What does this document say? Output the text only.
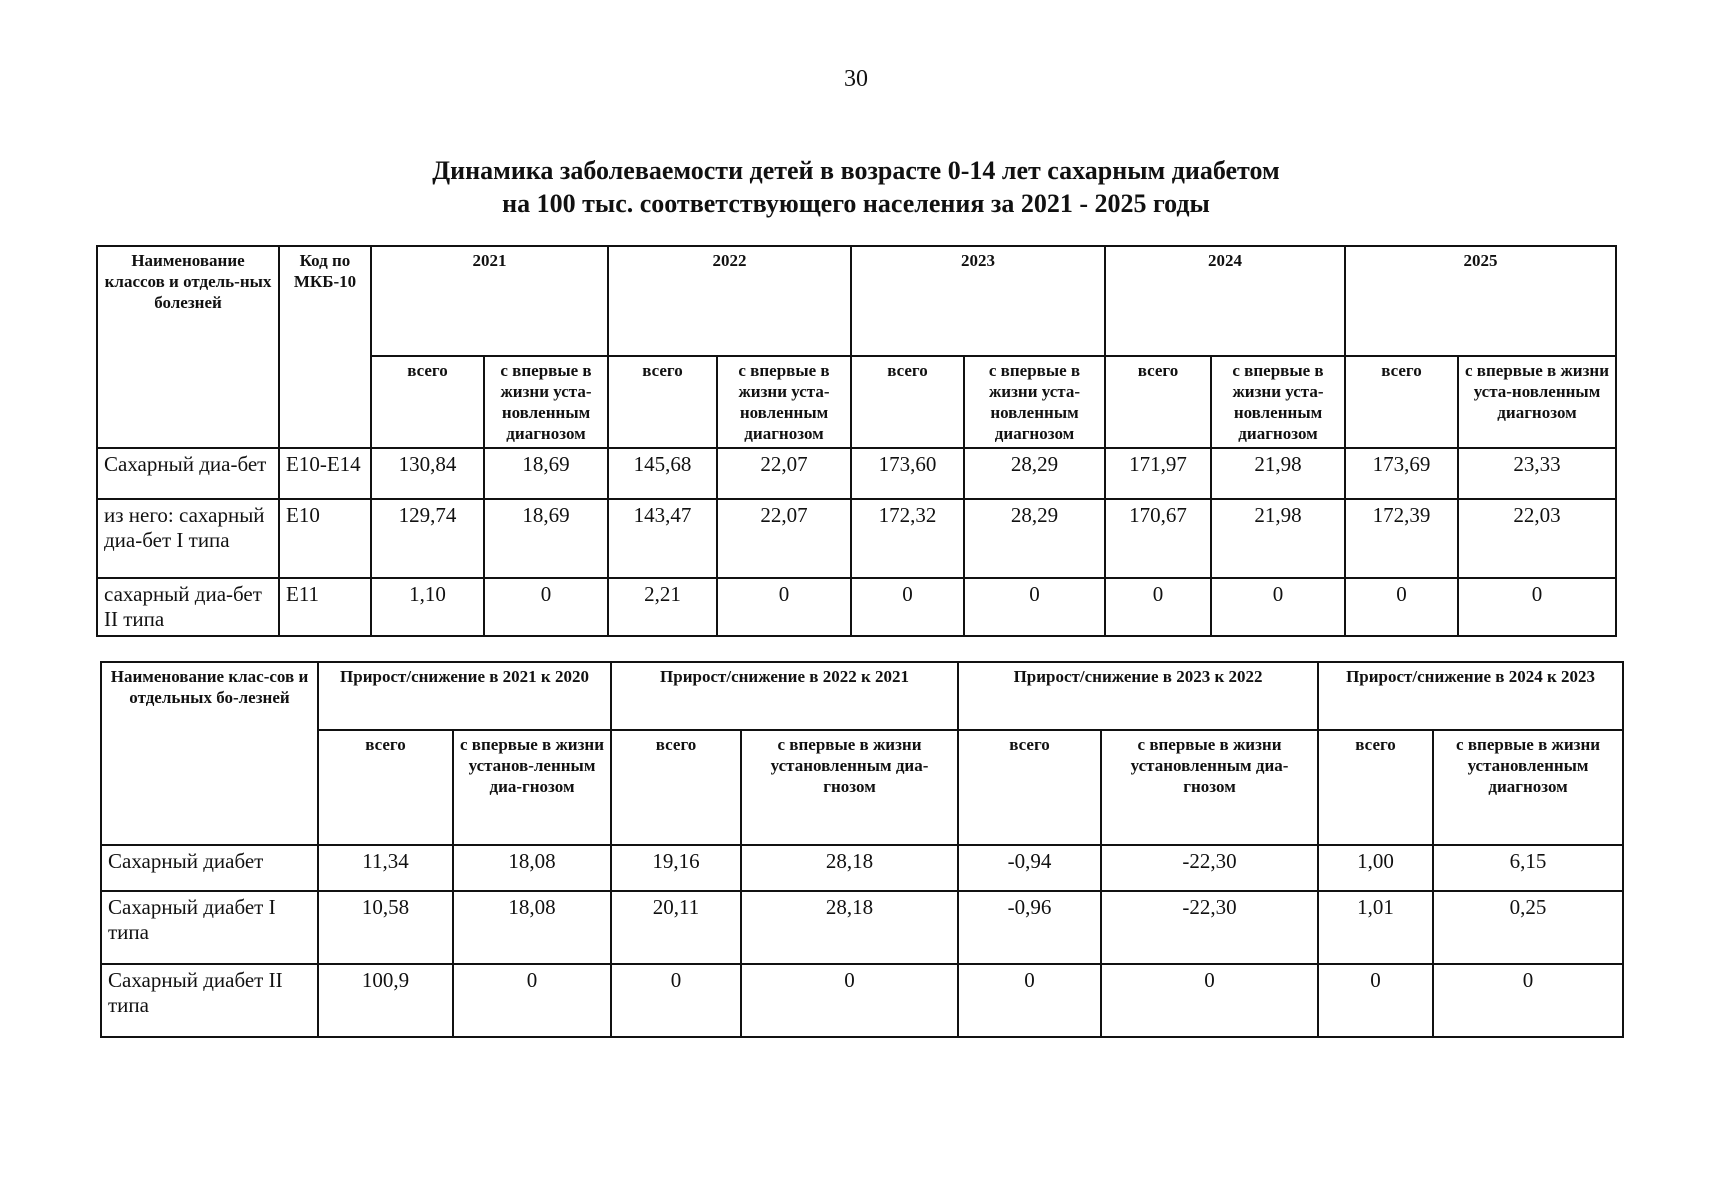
30
Динамика заболеваемости детей в возрасте 0-14 лет сахарным диабетом
на 100 тыс. соответствующего населения за 2021 - 2025 годы
Наименование классов и отдель-ных болезней	Код по МКБ-10	2021		2022		2023		2024		2025	
		всего	с впервые в жизни уста-новленным диагнозом	всего	с впервые в жизни уста-новленным диагнозом	всего	с впервые в жизни уста-новленным диагнозом	всего	с впервые в жизни уста-новленным диагнозом	всего	с впервые в жизни уста-новленным диагнозом
Сахарный диа-бет	E10-E14	130,84	18,69	145,68	22,07	173,60	28,29	171,97	21,98	173,69	23,33
из него: сахарный диа-бет I типа	E10	129,74	18,69	143,47	22,07	172,32	28,29	170,67	21,98	172,39	22,03
сахарный диа-бет II типа	E11	1,10	0	2,21	0	0	0	0	0	0	0
Наименование клас-сов и отдельных бо-лезней	Прирост/снижение в 2021 к 2020		Прирост/снижение в 2022 к 2021		Прирост/снижение в 2023 к 2022		Прирост/снижение в 2024 к 2023	
	всего	с впервые в жизни установ-ленным диа-гнозом	всего	с впервые в жизни установленным диа-гнозом	всего	с впервые в жизни установленным диа-гнозом	всего	с впервые в жизни установленным диагнозом
Сахарный диабет	11,34	18,08	19,16	28,18	-0,94	-22,30	1,00	6,15
Сахарный диабет I типа	10,58	18,08	20,11	28,18	-0,96	-22,30	1,01	0,25
Сахарный диабет II типа	100,9	0	0	0	0	0	0	0
